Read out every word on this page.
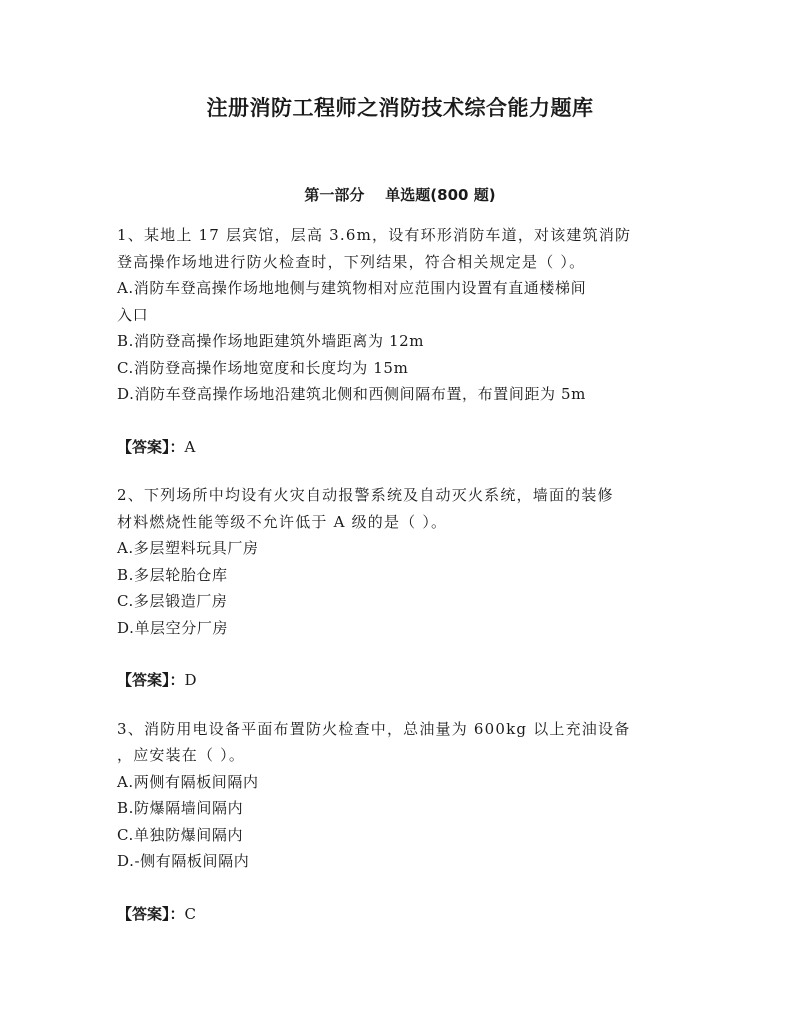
注册消防工程师之消防技术综合能力题库
第一部分    单选题(800 题)
1、某地上 17 层宾馆，层高 3.6m，设有环形消防车道，对该建筑消防
登高操作场地进行防火检查时，下列结果，符合相关规定是（ ）。
A.消防车登高操作场地地侧与建筑物相对应范围内设置有直通楼梯间
入口
B.消防登高操作场地距建筑外墙距离为 12m
C.消防登高操作场地宽度和长度均为 15m
D.消防车登高操作场地沿建筑北侧和西侧间隔布置，布置间距为 5m
【答案】：A
2、下列场所中均设有火灾自动报警系统及自动灭火系统，墙面的装修
材料燃烧性能等级不允许低于 A 级的是（ ）。
A.多层塑料玩具厂房
B.多层轮胎仓库
C.多层锻造厂房
D.单层空分厂房
【答案】：D
3、消防用电设备平面布置防火检查中，总油量为 600kg 以上充油设备
，应安装在（ ）。
A.两侧有隔板间隔内
B.防爆隔墙间隔内
C.单独防爆间隔内
D.-侧有隔板间隔内
【答案】：C
